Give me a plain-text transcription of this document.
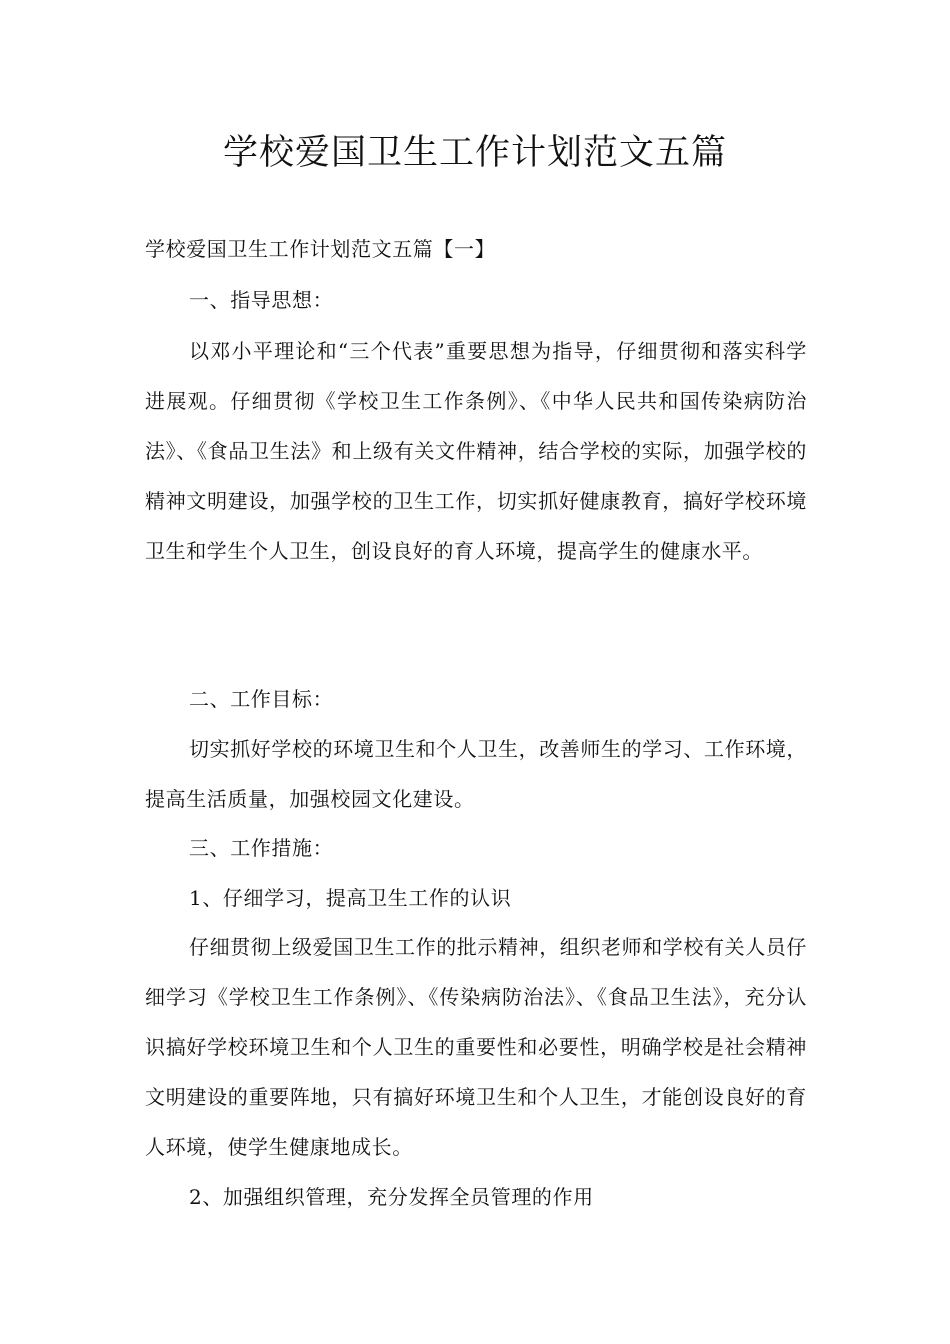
学校爱国卫生工作计划范文五篇

学校爱国卫生工作计划范文五篇【一】

一、指导思想：

以邓小平理论和“三个代表”重要思想为指导，仔细贯彻和落实科学进展观。仔细贯彻《学校卫生工作条例》、《中华人民共和国传染病防治法》、《食品卫生法》和上级有关文件精神，结合学校的实际，加强学校的精神文明建设，加强学校的卫生工作，切实抓好健康教育，搞好学校环境卫生和学生个人卫生，创设良好的育人环境，提高学生的健康水平。

二、工作目标：

切实抓好学校的环境卫生和个人卫生，改善师生的学习、工作环境，提高生活质量，加强校园文化建设。

三、工作措施：

1、仔细学习，提高卫生工作的认识

仔细贯彻上级爱国卫生工作的批示精神，组织老师和学校有关人员仔细学习《学校卫生工作条例》、《传染病防治法》、《食品卫生法》，充分认识搞好学校环境卫生和个人卫生的重要性和必要性，明确学校是社会精神文明建设的重要阵地，只有搞好环境卫生和个人卫生，才能创设良好的育人环境，使学生健康地成长。

2、加强组织管理，充分发挥全员管理的作用
